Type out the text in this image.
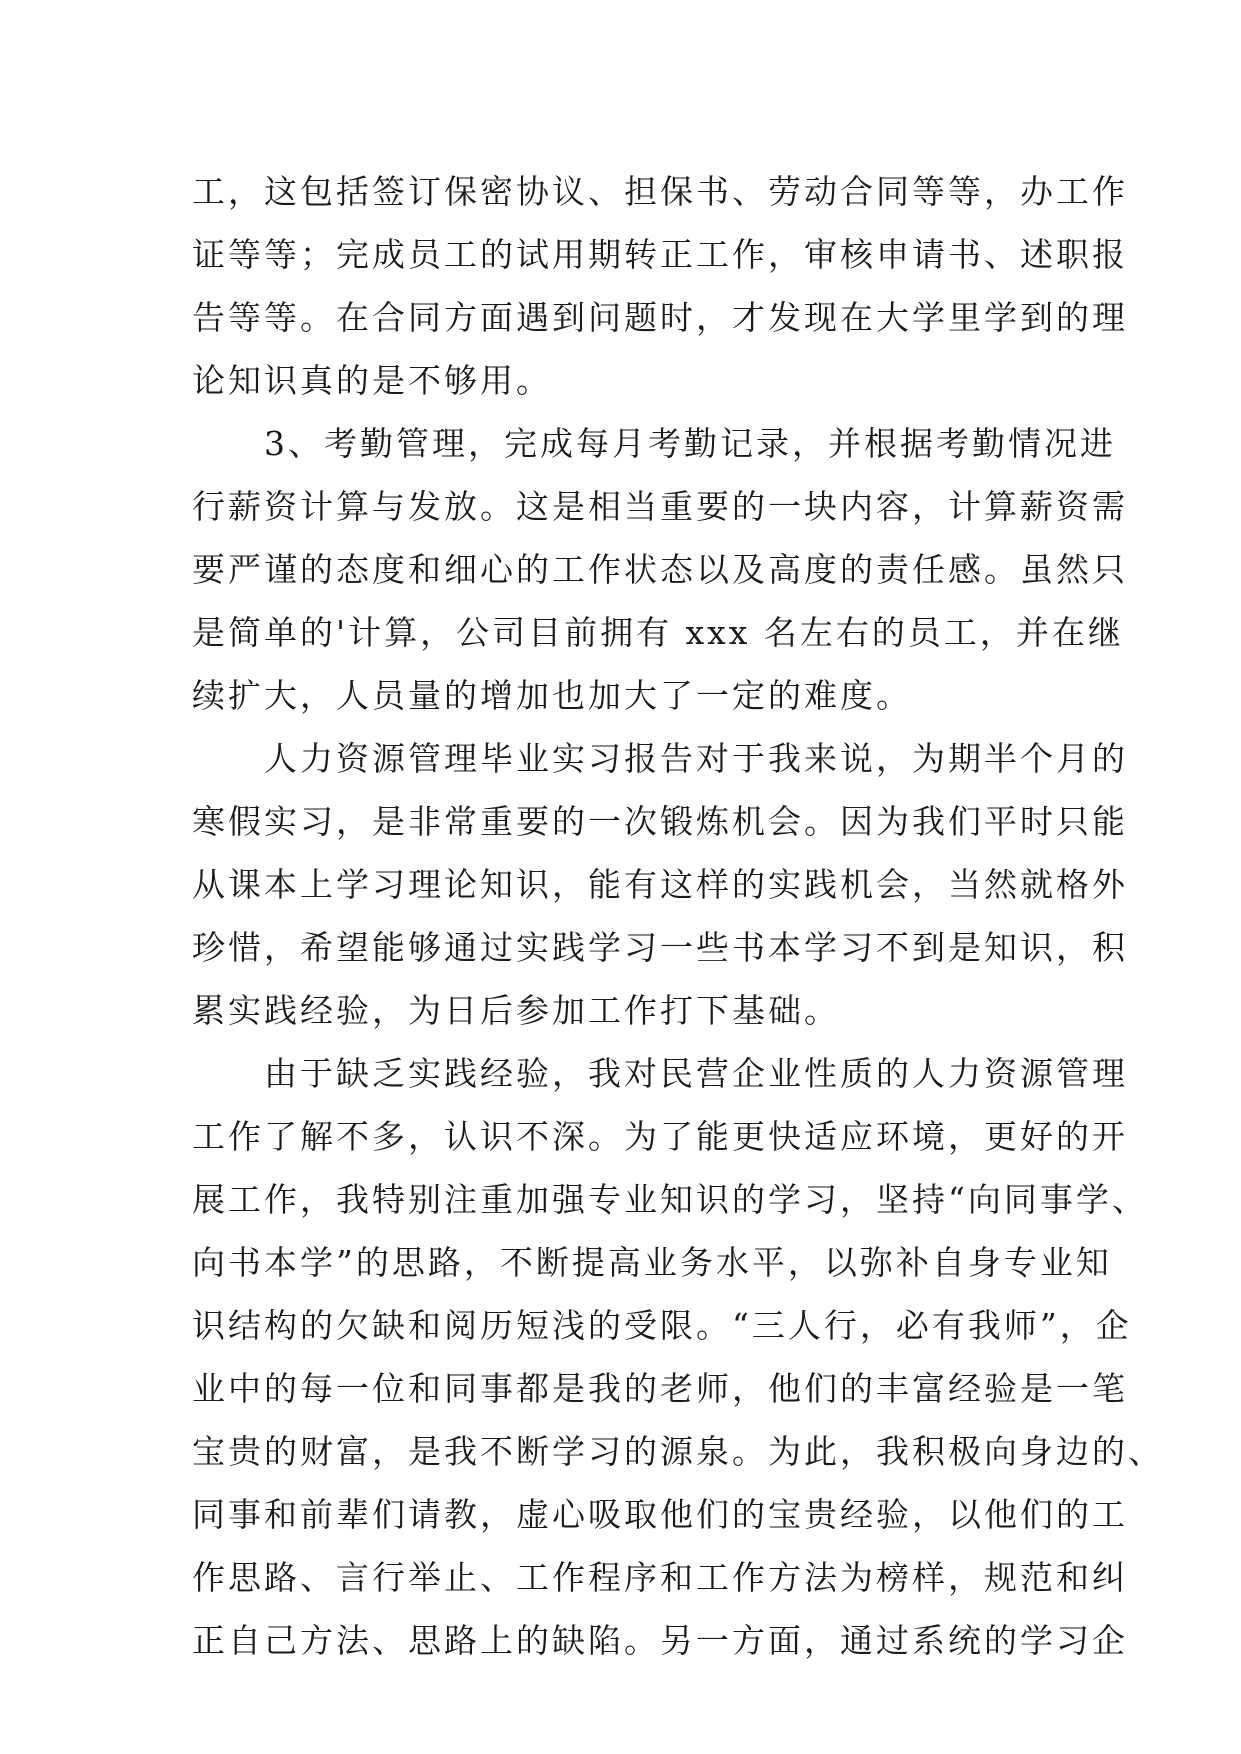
工，这包括签订保密协议、担保书、劳动合同等等，办工作
证等等；完成员工的试用期转正工作，审核申请书、述职报
告等等。在合同方面遇到问题时，才发现在大学里学到的理
论知识真的是不够用。
3、考勤管理，完成每月考勤记录，并根据考勤情况进
行薪资计算与发放。这是相当重要的一块内容，计算薪资需
要严谨的态度和细心的工作状态以及高度的责任感。虽然只
是简单的'计算，公司目前拥有 xxx 名左右的员工，并在继
续扩大，人员量的增加也加大了一定的难度。
人力资源管理毕业实习报告对于我来说，为期半个月的
寒假实习，是非常重要的一次锻炼机会。因为我们平时只能
从课本上学习理论知识，能有这样的实践机会，当然就格外
珍惜，希望能够通过实践学习一些书本学习不到是知识，积
累实践经验，为日后参加工作打下基础。
由于缺乏实践经验，我对民营企业性质的人力资源管理
工作了解不多，认识不深。为了能更快适应环境，更好的开
展工作，我特别注重加强专业知识的学习，坚持“向同事学、
向书本学”的思路，不断提高业务水平，以弥补自身专业知
识结构的欠缺和阅历短浅的受限。“三人行，必有我师”，企
业中的每一位和同事都是我的老师，他们的丰富经验是一笔
宝贵的财富，是我不断学习的源泉。为此，我积极向身边的、
同事和前辈们请教，虚心吸取他们的宝贵经验，以他们的工
作思路、言行举止、工作程序和工作方法为榜样，规范和纠
正自己方法、思路上的缺陷。另一方面，通过系统的学习企
